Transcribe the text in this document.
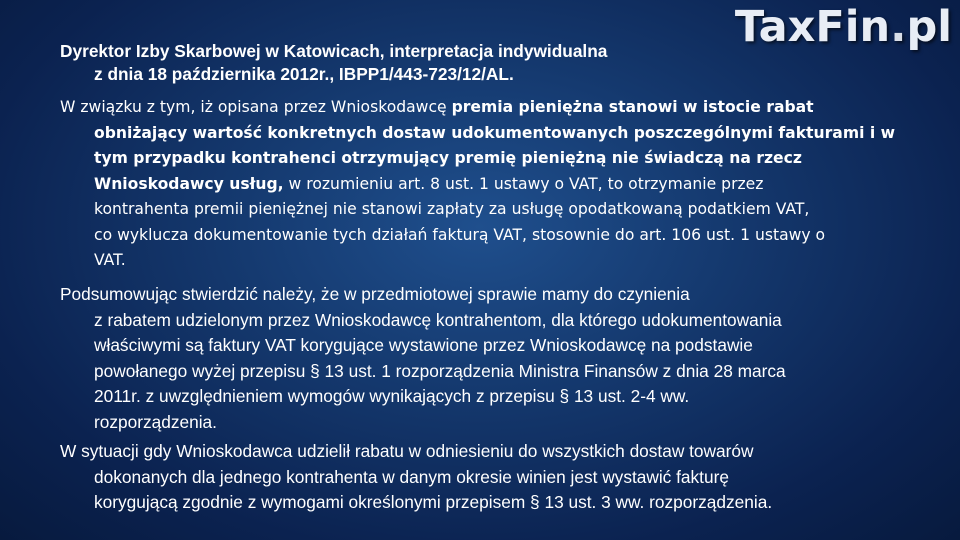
TaxFin.pl
Dyrektor Izby Skarbowej w Katowicach, interpretacja indywidualna
z dnia 18 października 2012r., IBPP1/443-723/12/AL.
W związku z tym, iż opisana przez Wnioskodawcę premia pieniężna stanowi w istocie rabat
obniżający wartość konkretnych dostaw udokumentowanych poszczególnymi fakturami i w
tym przypadku kontrahenci otrzymujący premię pieniężną nie świadczą na rzecz
Wnioskodawcy usług, w rozumieniu art. 8 ust. 1 ustawy o VAT, to otrzymanie przez
kontrahenta premii pieniężnej nie stanowi zapłaty za usługę opodatkowaną podatkiem VAT,
co wyklucza dokumentowanie tych działań fakturą VAT, stosownie do art. 106 ust. 1 ustawy o
VAT.
Podsumowując stwierdzić należy, że w przedmiotowej sprawie mamy do czynienia
z rabatem udzielonym przez Wnioskodawcę kontrahentom, dla którego udokumentowania
właściwymi są faktury VAT korygujące wystawione przez Wnioskodawcę na podstawie
powołanego wyżej przepisu § 13 ust. 1 rozporządzenia Ministra Finansów z dnia 28 marca
2011r. z uwzględnieniem wymogów wynikających z przepisu § 13 ust. 2-4 ww.
rozporządzenia.
W sytuacji gdy Wnioskodawca udzielił rabatu w odniesieniu do wszystkich dostaw towarów
dokonanych dla jednego kontrahenta w danym okresie winien jest wystawić fakturę
korygującą zgodnie z wymogami określonymi przepisem § 13 ust. 3 ww. rozporządzenia.
